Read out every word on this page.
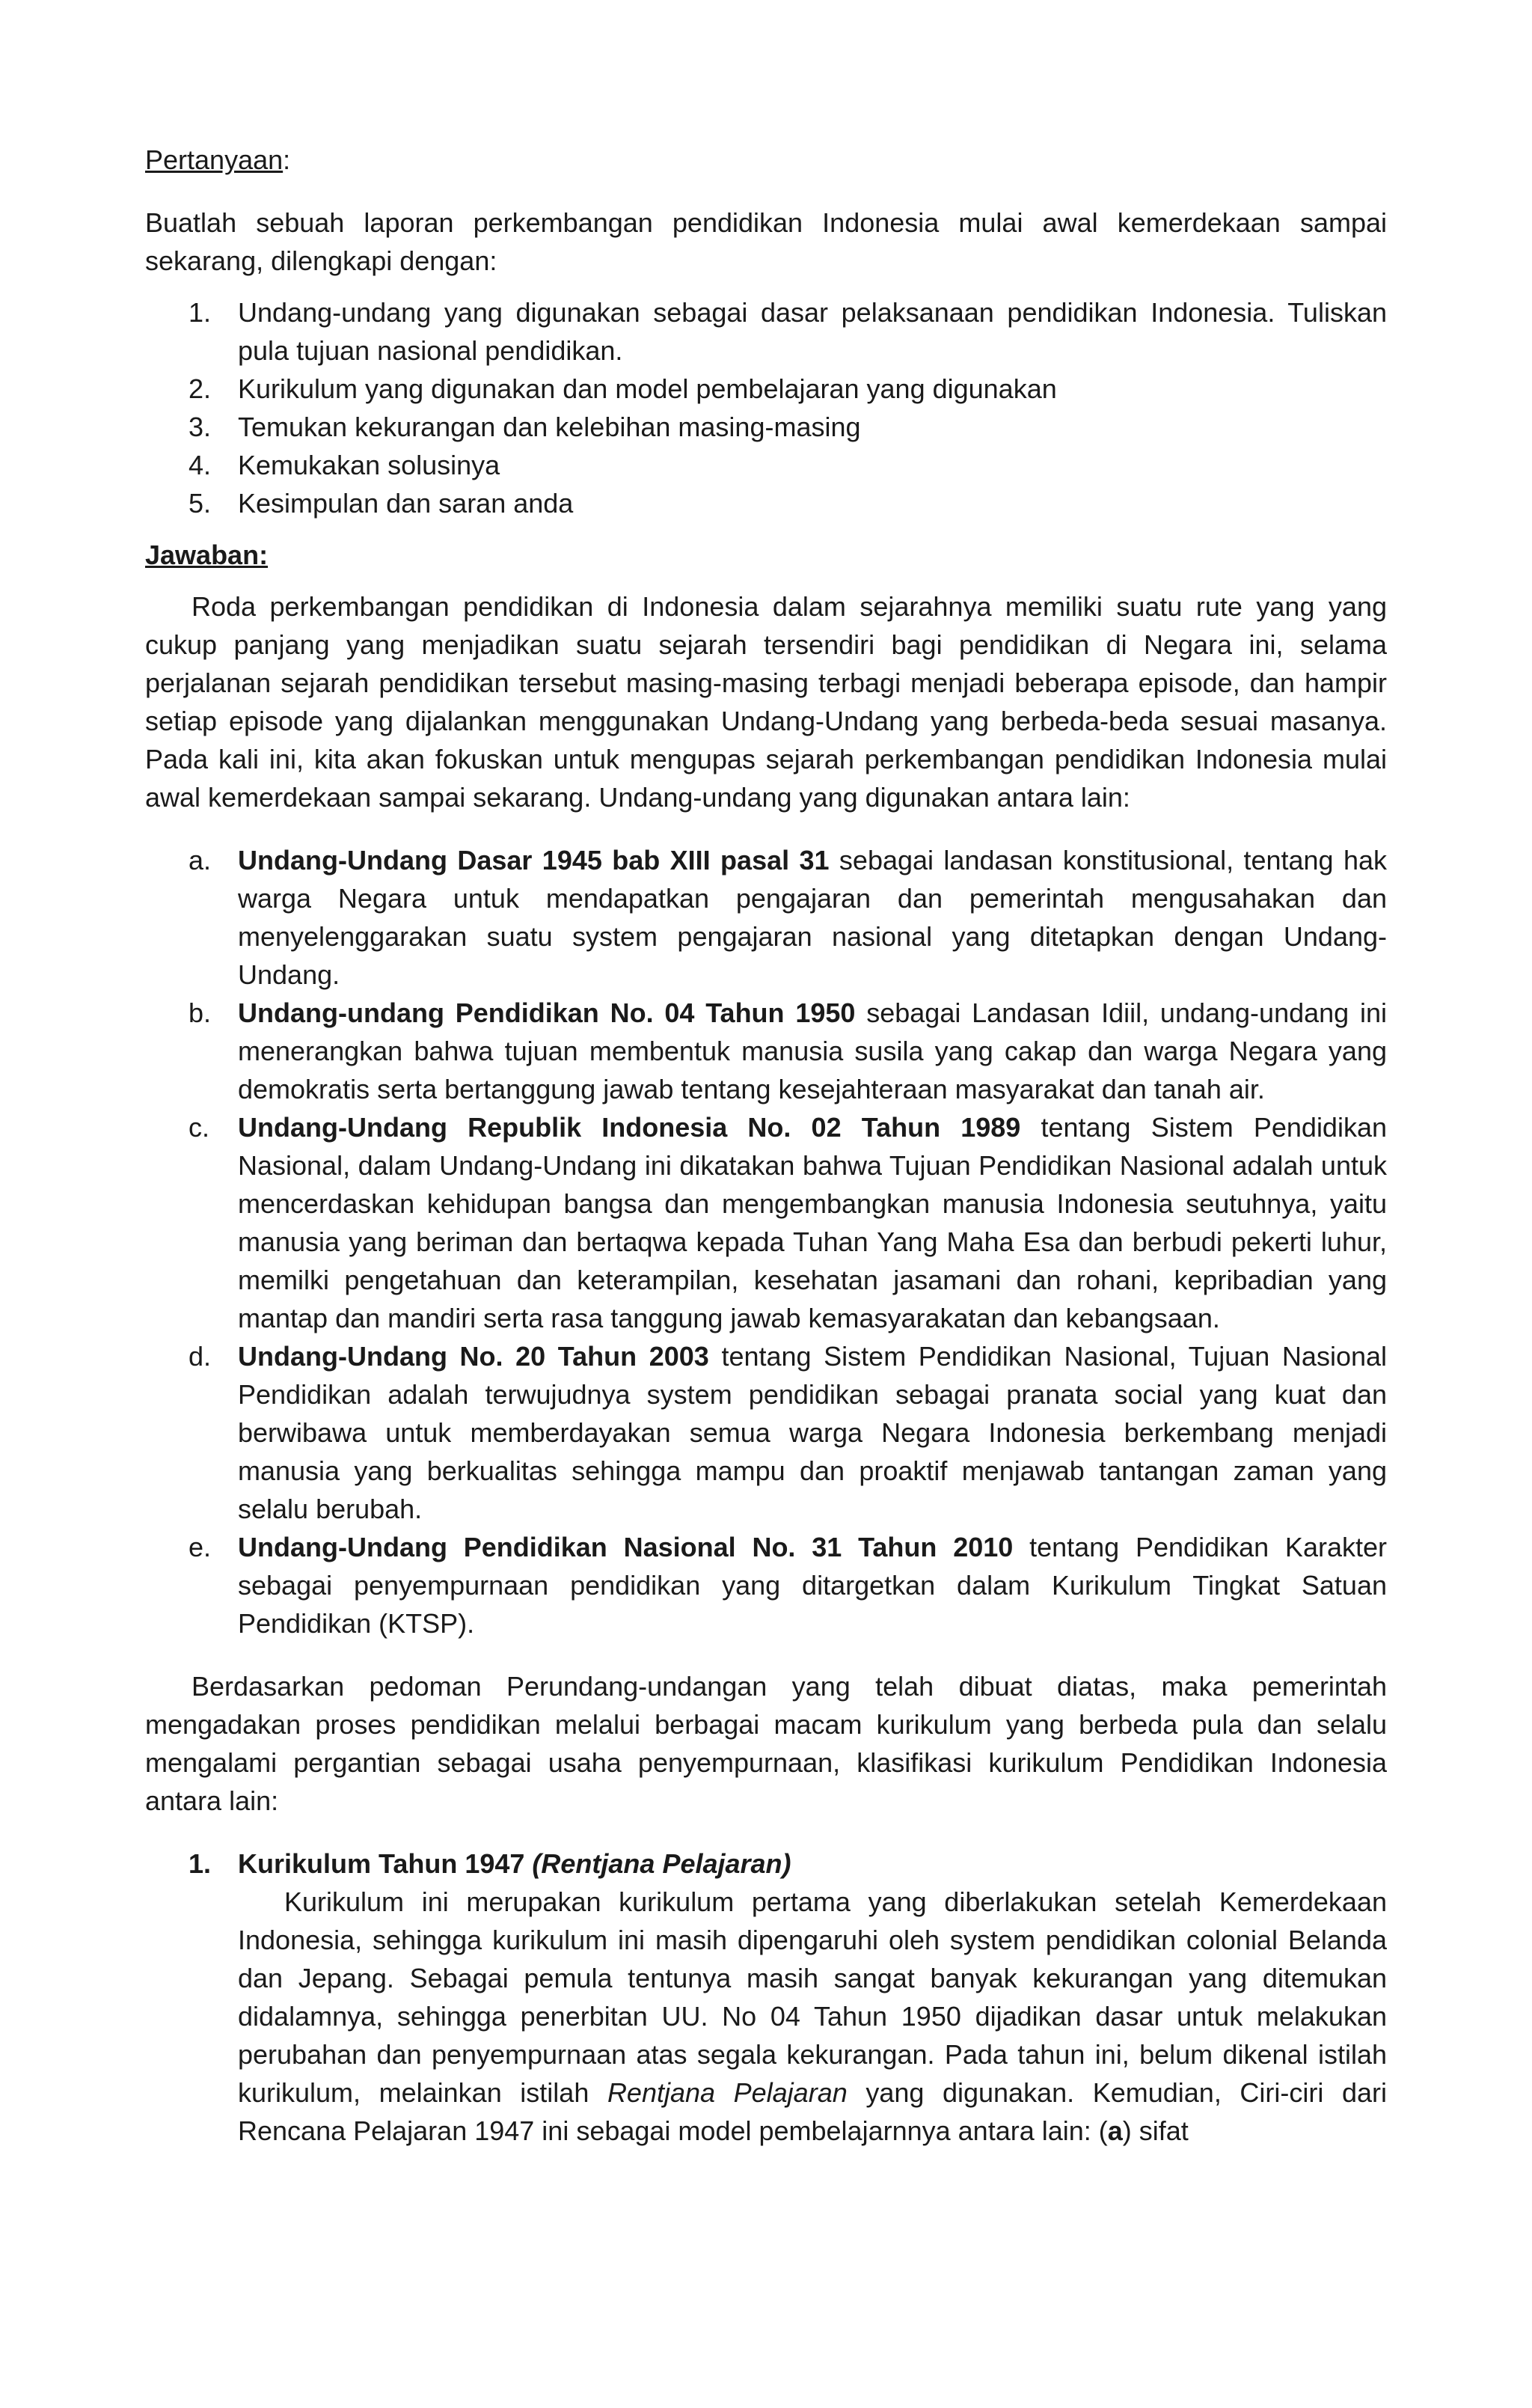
Pertanyaan:

Buatlah sebuah laporan perkembangan pendidikan Indonesia mulai awal kemerdekaan sampai sekarang, dilengkapi dengan:

1. Undang-undang yang digunakan sebagai dasar pelaksanaan pendidikan Indonesia. Tuliskan pula tujuan nasional pendidikan.
2. Kurikulum yang digunakan dan model pembelajaran yang digunakan
3. Temukan kekurangan dan kelebihan masing-masing
4. Kemukakan solusinya
5. Kesimpulan dan saran anda

Jawaban:

Roda perkembangan pendidikan di Indonesia dalam sejarahnya memiliki suatu rute yang yang cukup panjang yang menjadikan suatu sejarah tersendiri bagi pendidikan di Negara ini, selama perjalanan sejarah pendidikan tersebut masing-masing terbagi menjadi beberapa episode, dan hampir setiap episode yang dijalankan menggunakan Undang-Undang yang berbeda-beda sesuai masanya. Pada kali ini, kita akan fokuskan untuk mengupas sejarah perkembangan pendidikan Indonesia mulai awal kemerdekaan sampai sekarang. Undang-undang yang digunakan antara lain:

a. Undang-Undang Dasar 1945 bab XIII pasal 31 sebagai landasan konstitusional, tentang hak warga Negara untuk mendapatkan pengajaran dan pemerintah mengusahakan dan menyelenggarakan suatu system pengajaran nasional yang ditetapkan dengan Undang-Undang.
b. Undang-undang Pendidikan No. 04 Tahun 1950 sebagai Landasan Idiil, undang-undang ini menerangkan bahwa tujuan membentuk manusia susila yang cakap dan warga Negara yang demokratis serta bertanggung jawab tentang kesejahteraan masyarakat dan tanah air.
c.	Undang-Undang Republik Indonesia No. 02 Tahun 1989 tentang Sistem Pendidikan Nasional, dalam Undang-Undang ini dikatakan bahwa Tujuan Pendidikan Nasional adalah untuk mencerdaskan kehidupan bangsa dan mengembangkan manusia Indonesia seutuhnya, yaitu manusia yang beriman dan bertaqwa kepada Tuhan Yang Maha Esa dan berbudi pekerti luhur, memilki pengetahuan dan keterampilan, kesehatan jasamani dan rohani, kepribadian yang mantap dan mandiri serta rasa tanggung jawab kemasyarakatan dan kebangsaan.
d. Undang-Undang No. 20 Tahun 2003 tentang Sistem Pendidikan Nasional, Tujuan Nasional Pendidikan adalah terwujudnya system pendidikan sebagai pranata social yang kuat dan berwibawa untuk memberdayakan semua warga Negara Indonesia berkembang menjadi manusia yang berkualitas sehingga mampu dan proaktif menjawab tantangan zaman yang selalu berubah.
e. Undang-Undang Pendidikan Nasional No. 31 Tahun 2010 tentang Pendidikan Karakter sebagai penyempurnaan pendidikan yang ditargetkan dalam Kurikulum Tingkat Satuan Pendidikan (KTSP).

Berdasarkan pedoman Perundang-undangan yang telah dibuat diatas, maka pemerintah mengadakan proses pendidikan melalui berbagai macam kurikulum yang berbeda pula dan selalu mengalami pergantian sebagai usaha penyempurnaan, klasifikasi kurikulum Pendidikan Indonesia antara lain:

1. Kurikulum Tahun 1947 (Rentjana Pelajaran)

Kurikulum ini merupakan kurikulum pertama yang diberlakukan setelah Kemerdekaan Indonesia, sehingga kurikulum ini masih dipengaruhi oleh system pendidikan colonial Belanda dan Jepang. Sebagai pemula tentunya masih sangat banyak kekurangan yang ditemukan didalamnya, sehingga penerbitan UU. No 04 Tahun 1950 dijadikan dasar untuk melakukan perubahan dan penyempurnaan atas segala kekurangan. Pada tahun ini, belum dikenal istilah kurikulum, melainkan istilah Rentjana Pelajaran yang digunakan. Kemudian, Ciri-ciri dari Rencana Pelajaran 1947 ini sebagai model pembelajarnnya antara lain: (a) sifat
